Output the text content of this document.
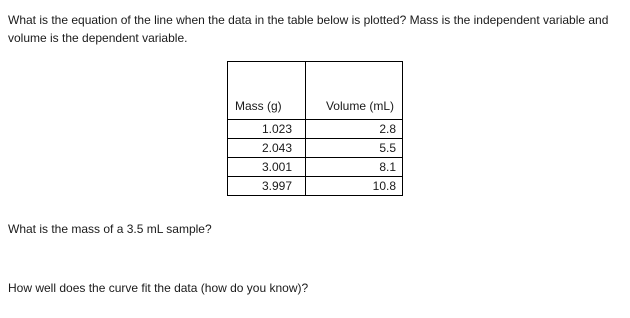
What is the equation of the line when the data in the table below is plotted? Mass is the independent variable and volume is the dependent variable.

Mass (g)	Volume (mL)
1.023	2.8
2.043	5.5
3.001	8.1
3.997	10.8

What is the mass of a 3.5 mL sample?

How well does the curve fit the data (how do you know)?
